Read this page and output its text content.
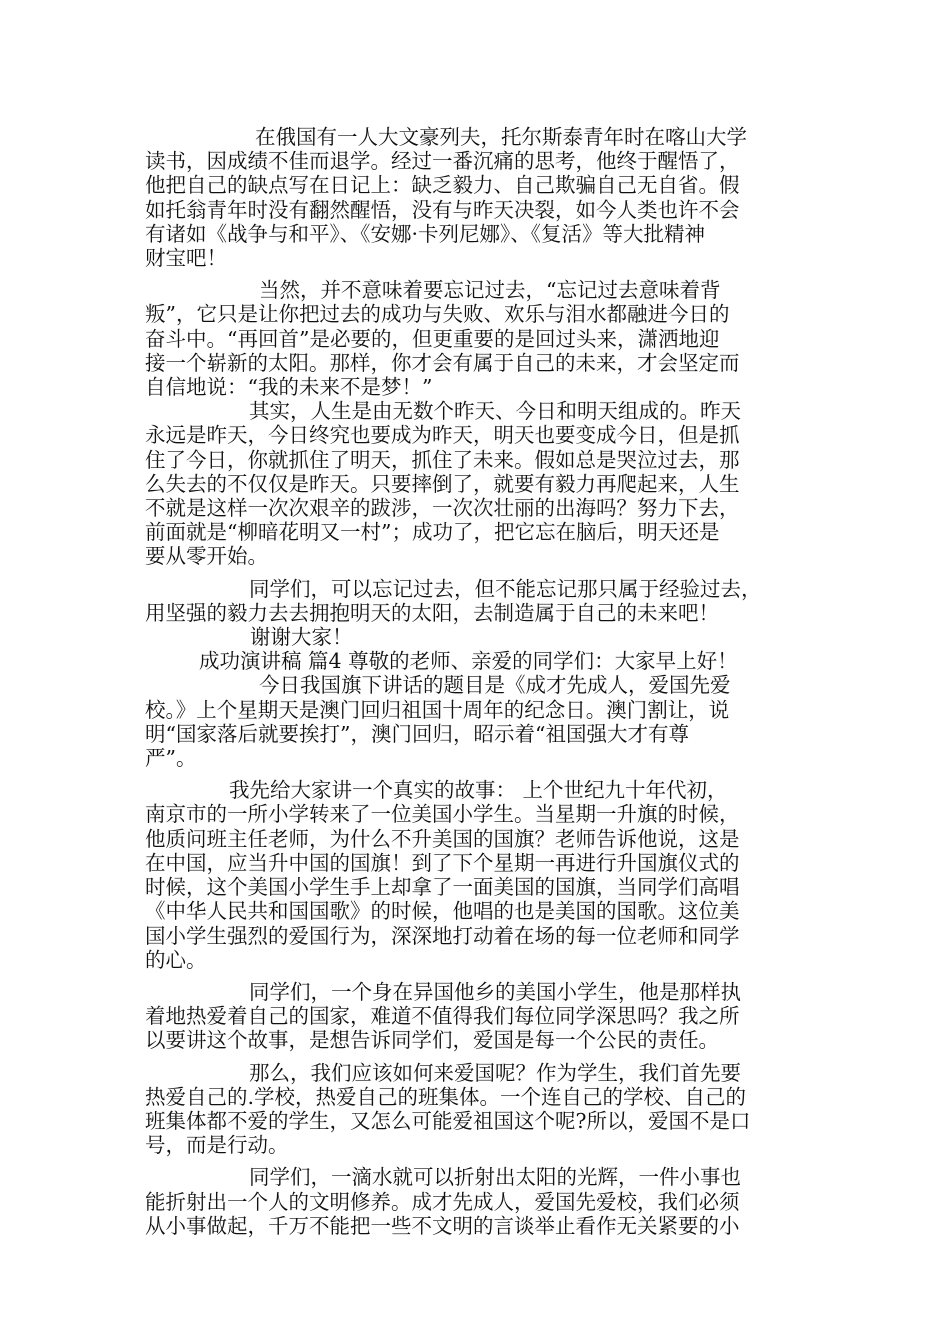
在俄国有一人大文豪列夫，托尔斯泰青年时在喀山大学
读书，因成绩不佳而退学。经过一番沉痛的思考，他终于醒悟了，
他把自己的缺点写在日记上：缺乏毅力、自己欺骗自己无自省。假
如托翁青年时没有翻然醒悟，没有与昨天决裂，如今人类也许不会
有诸如《战争与和平》、《安娜·卡列尼娜》、《复活》等大批精神
财宝吧！

当然，并不意味着要忘记过去，“忘记过去意味着背
叛”，它只是让你把过去的成功与失败、欢乐与泪水都融进今日的
奋斗中。“再回首”是必要的，但更重要的是回过头来，潇洒地迎
接一个崭新的太阳。那样，你才会有属于自己的未来，才会坚定而
自信地说：“我的未来不是梦！”

其实，人生是由无数个昨天、今日和明天组成的。昨天
永远是昨天，今日终究也要成为昨天，明天也要变成今日，但是抓
住了今日，你就抓住了明天，抓住了未来。假如总是哭泣过去，那
么失去的不仅仅是昨天。只要摔倒了，就要有毅力再爬起来，人生
不就是这样一次次艰辛的跋涉，一次次壮丽的出海吗？努力下去，
前面就是“柳暗花明又一村”；成功了，把它忘在脑后，明天还是
要从零开始。

同学们，可以忘记过去，但不能忘记那只属于经验过去，
用坚强的毅力去去拥抱明天的太阳，去制造属于自己的未来吧！

谢谢大家！

成功演讲稿 篇4 尊敬的老师、亲爱的同学们：大家早上好！

今日我国旗下讲话的题目是《成才先成人，爱国先爱
校。》上个星期天是澳门回归祖国十周年的纪念日。澳门割让，说
明“国家落后就要挨打”，澳门回归，昭示着“祖国强大才有尊
严”。

我先给大家讲一个真实的故事： 上个世纪九十年代初，
南京市的一所小学转来了一位美国小学生。当星期一升旗的时候，
他质问班主任老师，为什么不升美国的国旗？老师告诉他说，这是
在中国，应当升中国的国旗！到了下个星期一再进行升国旗仪式的
时候，这个美国小学生手上却拿了一面美国的国旗，当同学们高唱
《中华人民共和国国歌》的时候，他唱的也是美国的国歌。这位美
国小学生强烈的爱国行为，深深地打动着在场的每一位老师和同学
的心。

同学们，一个身在异国他乡的美国小学生，他是那样执
着地热爱着自己的国家，难道不值得我们每位同学深思吗？我之所
以要讲这个故事，是想告诉同学们，爱国是每一个公民的责任。

那么，我们应该如何来爱国呢？作为学生，我们首先要
热爱自己的.学校，热爱自己的班集体。一个连自己的学校、自己的
班集体都不爱的学生，又怎么可能爱祖国这个呢?所以，爱国不是口
号，而是行动。

同学们，一滴水就可以折射出太阳的光辉，一件小事也
能折射出一个人的文明修养。成才先成人，爱国先爱校，我们必须
从小事做起，千万不能把一些不文明的言谈举止看作无关紧要的小
